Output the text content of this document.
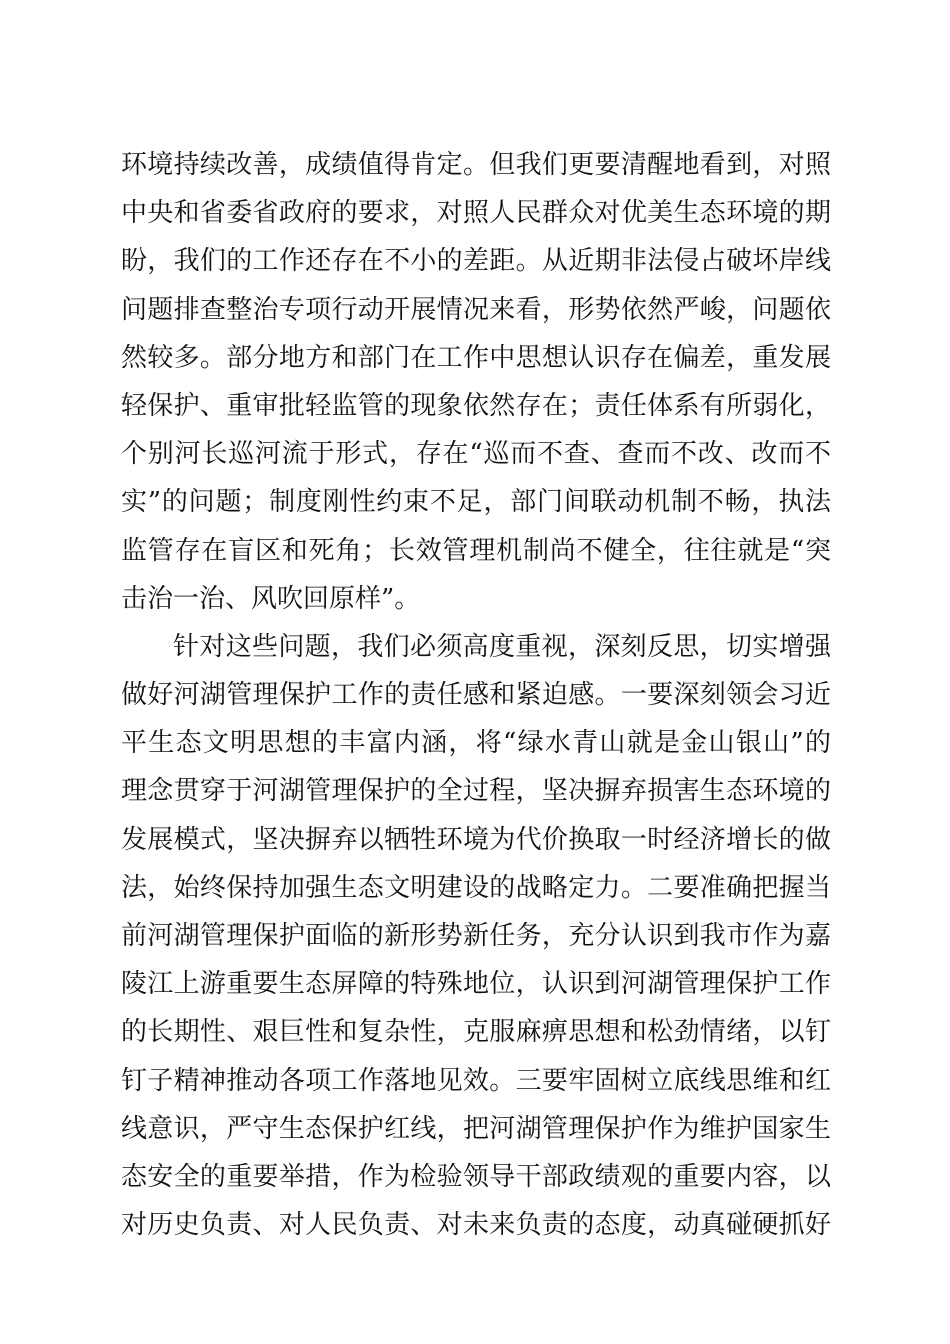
环境持续改善，成绩值得肯定。但我们更要清醒地看到，对照
中央和省委省政府的要求，对照人民群众对优美生态环境的期
盼，我们的工作还存在不小的差距。从近期非法侵占破坏岸线
问题排查整治专项行动开展情况来看，形势依然严峻，问题依
然较多。部分地方和部门在工作中思想认识存在偏差，重发展
轻保护、重审批轻监管的现象依然存在；责任体系有所弱化，
个别河长巡河流于形式，存在“巡而不查、查而不改、改而不
实”的问题；制度刚性约束不足，部门间联动机制不畅，执法
监管存在盲区和死角；长效管理机制尚不健全，往往就是“突
击治一治、风吹回原样”。
针对这些问题，我们必须高度重视，深刻反思，切实增强
做好河湖管理保护工作的责任感和紧迫感。一要深刻领会习近
平生态文明思想的丰富内涵，将“绿水青山就是金山银山”的
理念贯穿于河湖管理保护的全过程，坚决摒弃损害生态环境的
发展模式，坚决摒弃以牺牲环境为代价换取一时经济增长的做
法，始终保持加强生态文明建设的战略定力。二要准确把握当
前河湖管理保护面临的新形势新任务，充分认识到我市作为嘉
陵江上游重要生态屏障的特殊地位，认识到河湖管理保护工作
的长期性、艰巨性和复杂性，克服麻痹思想和松劲情绪，以钉
钉子精神推动各项工作落地见效。三要牢固树立底线思维和红
线意识，严守生态保护红线，把河湖管理保护作为维护国家生
态安全的重要举措，作为检验领导干部政绩观的重要内容，以
对历史负责、对人民负责、对未来负责的态度，动真碰硬抓好
